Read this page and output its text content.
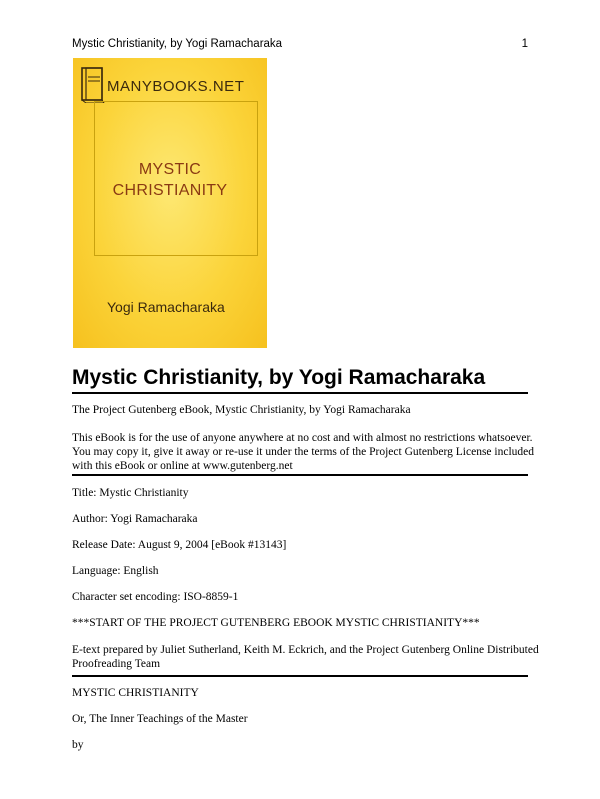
Mystic Christianity, by Yogi Ramacharaka	1
MANYBOOKS.NET
MYSTIC
CHRISTIANITY
Yogi Ramacharaka
Mystic Christianity, by Yogi Ramacharaka
The Project Gutenberg eBook, Mystic Christianity, by Yogi Ramacharaka
This eBook is for the use of anyone anywhere at no cost and with almost no restrictions whatsoever. You may copy it, give it away or re-use it under the terms of the Project Gutenberg License included with this eBook or online at www.gutenberg.net
Title: Mystic Christianity
Author: Yogi Ramacharaka
Release Date: August 9, 2004 [eBook #13143]
Language: English
Character set encoding: ISO-8859-1
***START OF THE PROJECT GUTENBERG EBOOK MYSTIC CHRISTIANITY***
E-text prepared by Juliet Sutherland, Keith M. Eckrich, and the Project Gutenberg Online Distributed Proofreading Team
MYSTIC CHRISTIANITY
Or, The Inner Teachings of the Master
by
